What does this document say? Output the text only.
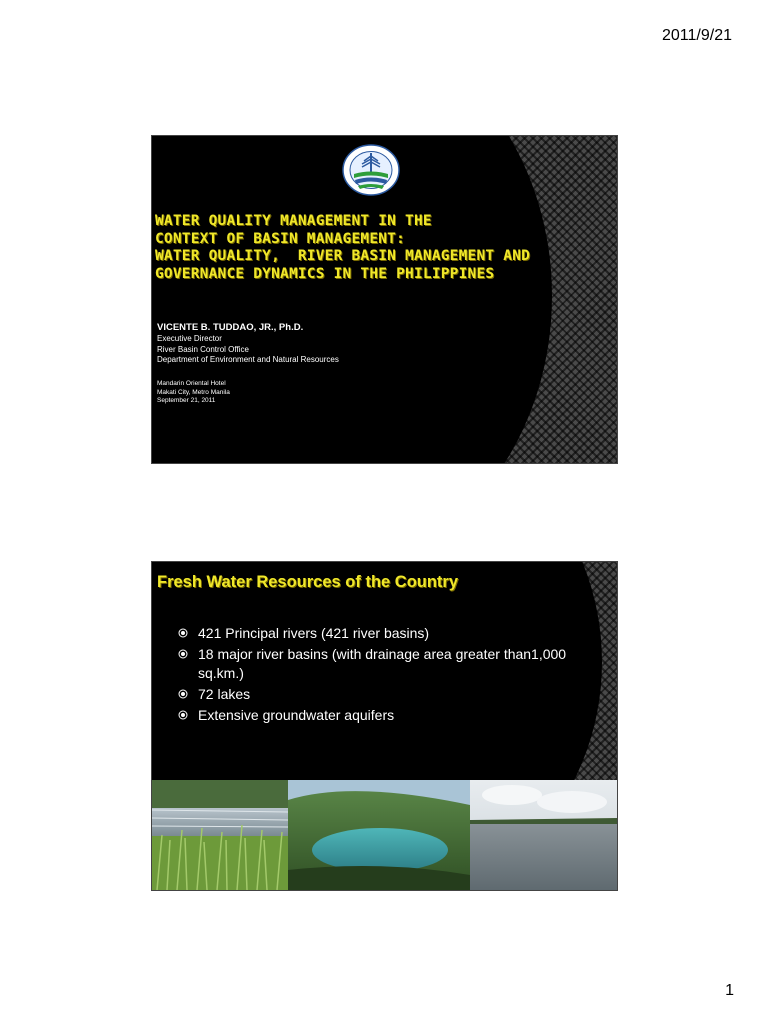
2011/9/21
WATER QUALITY MANAGEMENT IN THE
CONTEXT OF BASIN MANAGEMENT:
WATER QUALITY,  RIVER BASIN MANAGEMENT AND
GOVERNANCE DYNAMICS IN THE PHILIPPINES
VICENTE B. TUDDAO, JR., Ph.D.
Executive Director
River Basin Control Office
Department of Environment and Natural Resources
Mandarin Oriental Hotel
Makati City, Metro Manila
September 21, 2011
Fresh Water Resources of the Country
421 Principal rivers (421 river basins)
18 major river basins (with drainage area greater than1,000 sq.km.)
72 lakes
Extensive groundwater aquifers
1
